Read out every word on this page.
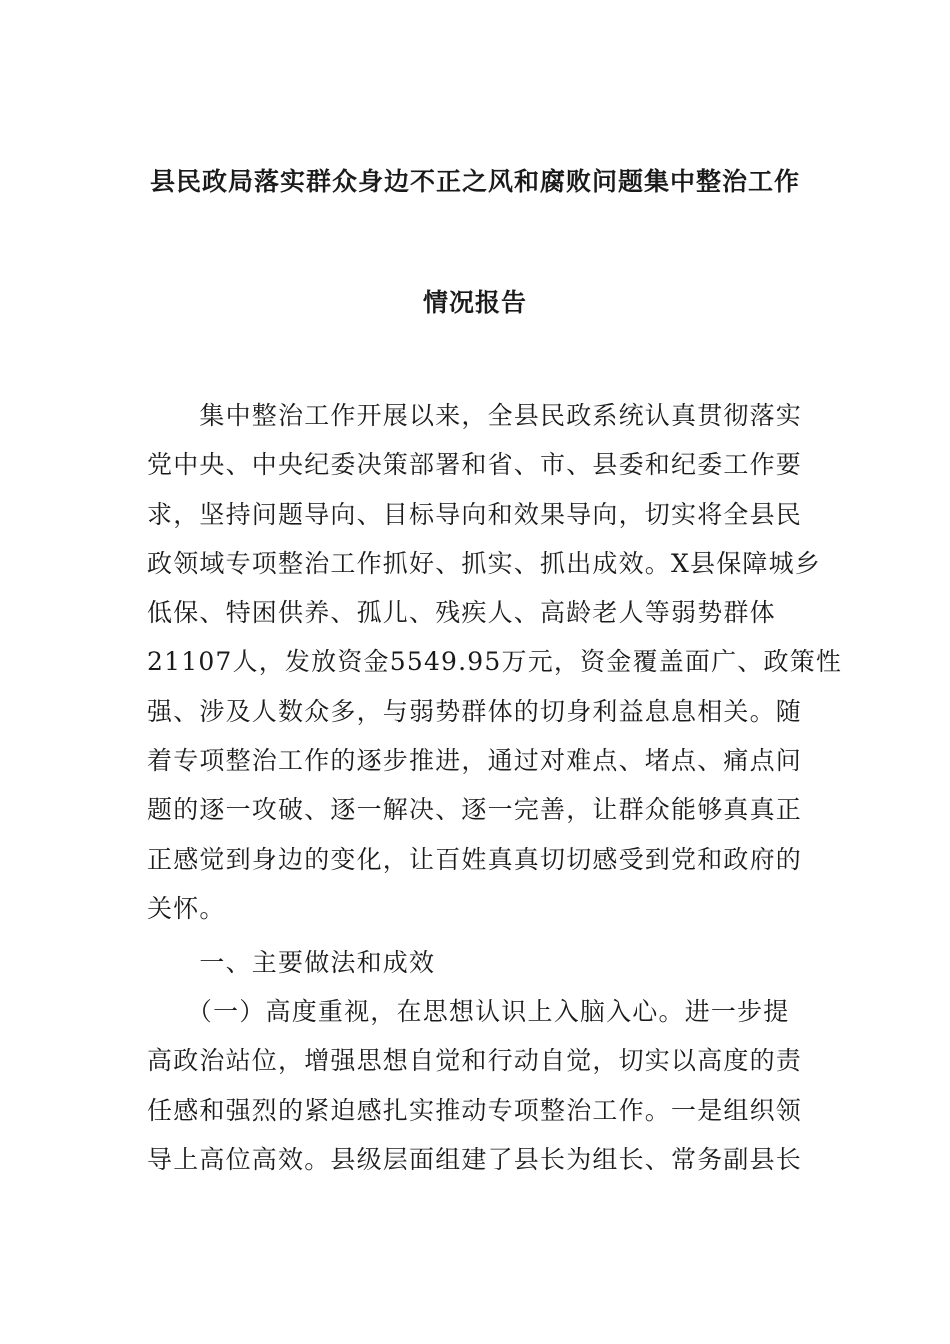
县民政局落实群众身边不正之风和腐败问题集中整治工作
情况报告
　　集中整治工作开展以来，全县民政系统认真贯彻落实
党中央、中央纪委决策部署和省、市、县委和纪委工作要
求，坚持问题导向、目标导向和效果导向，切实将全县民
政领域专项整治工作抓好、抓实、抓出成效。X县保障城乡
低保、特困供养、孤儿、残疾人、高龄老人等弱势群体
21107人，发放资金5549.95万元，资金覆盖面广、政策性
强、涉及人数众多，与弱势群体的切身利益息息相关。随
着专项整治工作的逐步推进，通过对难点、堵点、痛点问
题的逐一攻破、逐一解决、逐一完善，让群众能够真真正
正感觉到身边的变化，让百姓真真切切感受到党和政府的
关怀。
　　一、主要做法和成效
　　（一）高度重视，在思想认识上入脑入心。进一步提
高政治站位，增强思想自觉和行动自觉，切实以高度的责
任感和强烈的紧迫感扎实推动专项整治工作。一是组织领
导上高位高效。县级层面组建了县长为组长、常务副县长
